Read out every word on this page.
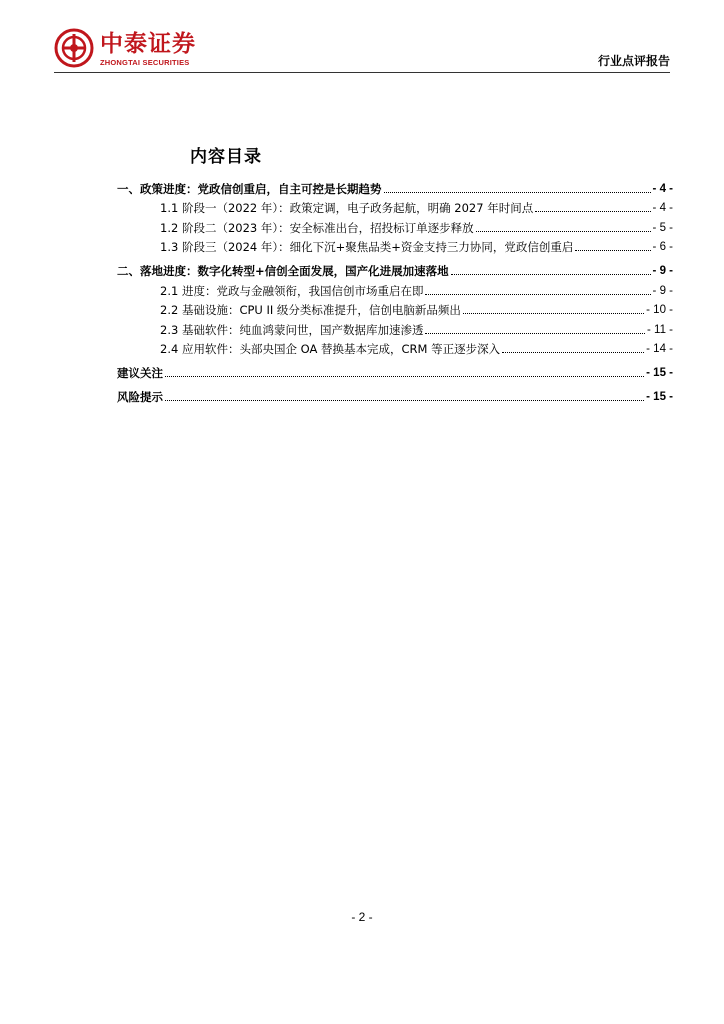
中泰证券
ZHONGTAI SECURITIES	行业点评报告
内容目录
一、政策进度：党政信创重启，自主可控是长期趋势	- 4 -
1.1 阶段一（2022 年）：政策定调，电子政务起航，明确 2027 年时间点	- 4 -
1.2 阶段二（2023 年）：安全标准出台，招投标订单逐步释放	- 5 -
1.3 阶段三（2024 年）：细化下沉+聚焦品类+资金支持三力协同，党政信创重启	- 6 -
二、落地进度：数字化转型+信创全面发展，国产化进展加速落地	- 9 -
2.1 进度：党政与金融领衔，我国信创市场重启在即	- 9 -
2.2 基础设施：CPU II 级分类标准提升，信创电脑新品频出	- 10 -
2.3 基础软件：纯血鸿蒙问世，国产数据库加速渗透	- 11 -
2.4 应用软件：头部央国企 OA 替换基本完成，CRM 等正逐步深入	- 14 -
建议关注	- 15 -
风险提示	- 15 -
- 2 -
